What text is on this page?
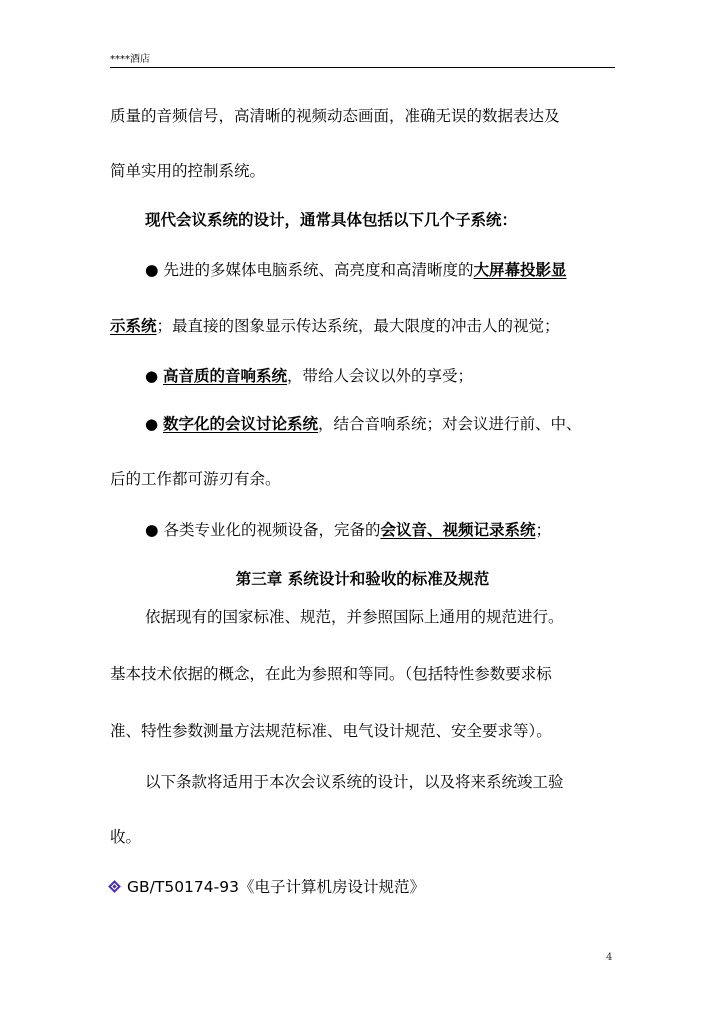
****酒店
质量的音频信号，高清晰的视频动态画面，准确无误的数据表达及
简单实用的控制系统。
现代会议系统的设计，通常具体包括以下几个子系统：
● 先进的多媒体电脑系统、高亮度和高清晰度的大屏幕投影显
示系统；最直接的图象显示传达系统，最大限度的冲击人的视觉；
● 高音质的音响系统，带给人会议以外的享受；
● 数字化的会议讨论系统，结合音响系统；对会议进行前、中、
后的工作都可游刃有余。
● 各类专业化的视频设备，完备的会议音、视频记录系统；
第三章 系统设计和验收的标准及规范
依据现有的国家标准、规范，并参照国际上通用的规范进行。
基本技术依据的概念，在此为参照和等同。（包括特性参数要求标
准、特性参数测量方法规范标准、电气设计规范、安全要求等）。
以下条款将适用于本次会议系统的设计，以及将来系统竣工验
收。
GB/T50174-93《电子计算机房设计规范》
4
